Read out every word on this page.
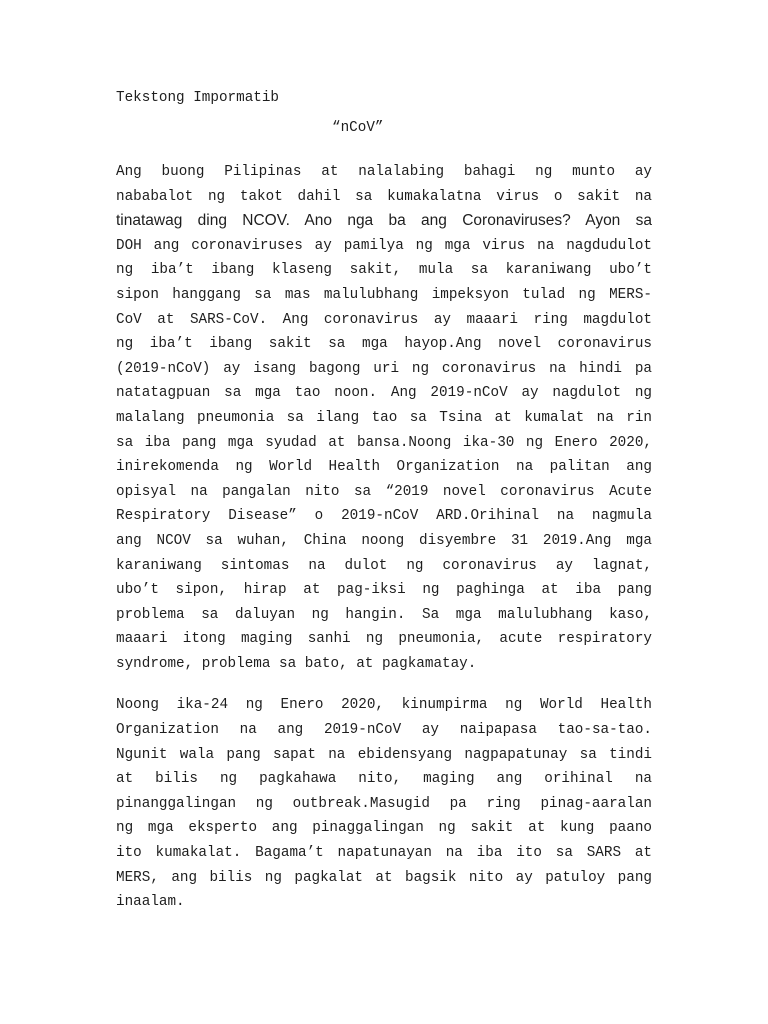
Tekstong Impormatib
“nCoV”
Ang buong Pilipinas at nalalabing bahagi ng munto ay
nababalot ng takot dahil sa kumakalatna virus o sakit na
tinatawag ding NCOV. Ano nga ba ang Coronaviruses? Ayon sa
DOH ang coronaviruses ay pamilya ng mga virus na nagdudulot
ng iba’t ibang klaseng sakit, mula sa karaniwang ubo’t
sipon hanggang sa mas malulubhang impeksyon tulad ng MERS-
CoV at SARS-CoV. Ang coronavirus ay maaari ring magdulot
ng iba’t ibang sakit sa mga hayop.Ang novel coronavirus
(2019-nCoV) ay isang bagong uri ng coronavirus na hindi pa
natatagpuan sa mga tao noon. Ang 2019-nCoV ay nagdulot ng
malalang pneumonia sa ilang tao sa Tsina at kumalat na rin
sa iba pang mga syudad at bansa.Noong ika-30 ng Enero 2020,
inirekomenda ng World Health Organization na palitan ang
opisyal na pangalan nito sa “2019 novel coronavirus Acute
Respiratory Disease” o 2019-nCoV ARD.Orihinal na nagmula
ang NCOV sa wuhan, China noong disyembre 31 2019.Ang mga
karaniwang sintomas na dulot ng coronavirus ay lagnat,
ubo’t sipon, hirap at pag-iksi ng paghinga at iba pang
problema sa daluyan ng hangin. Sa mga malulubhang kaso,
maaari itong maging sanhi ng pneumonia, acute respiratory
syndrome, problema sa bato, at pagkamatay.
Noong ika-24 ng Enero 2020, kinumpirma ng World Health
Organization na ang 2019-nCoV ay naipapasa tao-sa-tao.
Ngunit wala pang sapat na ebidensyang nagpapatunay sa tindi
at bilis ng pagkahawa nito, maging ang orihinal na
pinanggalingan ng outbreak.Masugid pa ring pinag-aaralan
ng mga eksperto ang pinaggalingan ng sakit at kung paano
ito kumakalat. Bagama’t napatunayan na iba ito sa SARS at
MERS, ang bilis ng pagkalat at bagsik nito ay patuloy pang
inaalam.
